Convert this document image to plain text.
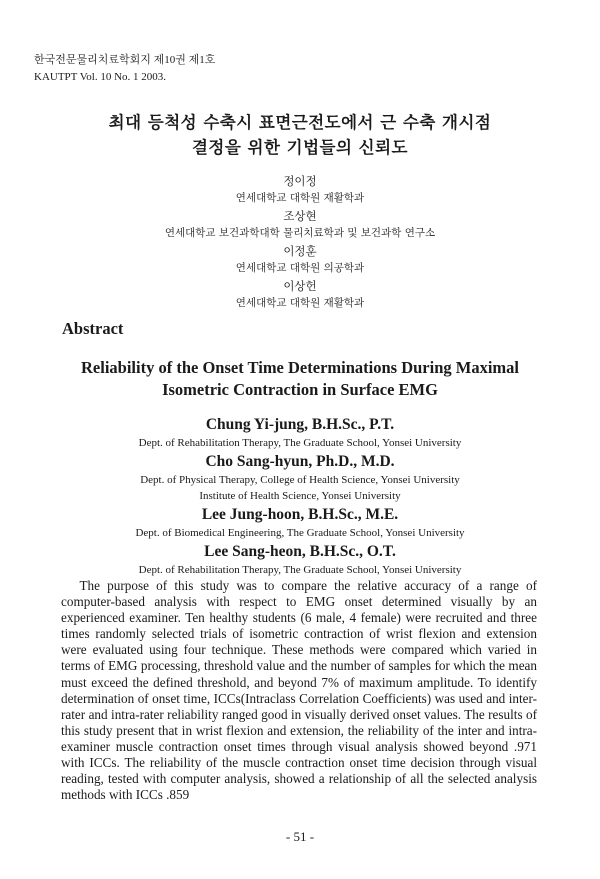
한국전문물리치료학회지 제10권 제1호
KAUTPT Vol. 10 No. 1 2003.
최대 등척성 수축시 표면근전도에서 근 수축 개시점
결정을 위한 기법들의 신뢰도
정이정
연세대학교 대학원 재활학과
조상현
연세대학교 보건과학대학 물리치료학과 및 보건과학 연구소
이정훈
연세대학교 대학원 의공학과
이상헌
연세대학교 대학원 재활학과
Abstract
Reliability of the Onset Time Determinations During Maximal
Isometric Contraction in Surface EMG
Chung Yi-jung, B.H.Sc., P.T.
Dept. of Rehabilitation Therapy, The Graduate School, Yonsei University
Cho Sang-hyun, Ph.D., M.D.
Dept. of Physical Therapy, College of Health Science, Yonsei University
Institute of Health Science, Yonsei University
Lee Jung-hoon, B.H.Sc., M.E.
Dept. of Biomedical Engineering, The Graduate School, Yonsei University
Lee Sang-heon, B.H.Sc., O.T.
Dept. of Rehabilitation Therapy, The Graduate School, Yonsei University

The purpose of this study was to compare the relative accuracy of a range of computer-based analysis with respect to EMG onset determined visually by an experienced examiner. Ten healthy students (6 male, 4 female) were recruited and three times randomly selected trials of isometric contraction of wrist flexion and extension were evaluated using four technique. These methods were compared which varied in terms of EMG processing, threshold value and the number of samples for which the mean must exceed the defined threshold, and beyond 7% of maximum amplitude. To identify determination of onset time, ICCs(Intraclass Correlation Coefficients) was used and inter-rater and intra-rater reliability ranged good in visually derived onset values. The results of this study present that in wrist flexion and extension, the reliability of the inter and intra-examiner muscle contraction onset times through visual analysis showed beyond .971 with ICCs. The reliability of the muscle contraction onset time decision through visual reading, tested with computer analysis, showed a relationship of all the selected analysis methods with ICCs .859

- 51 -
